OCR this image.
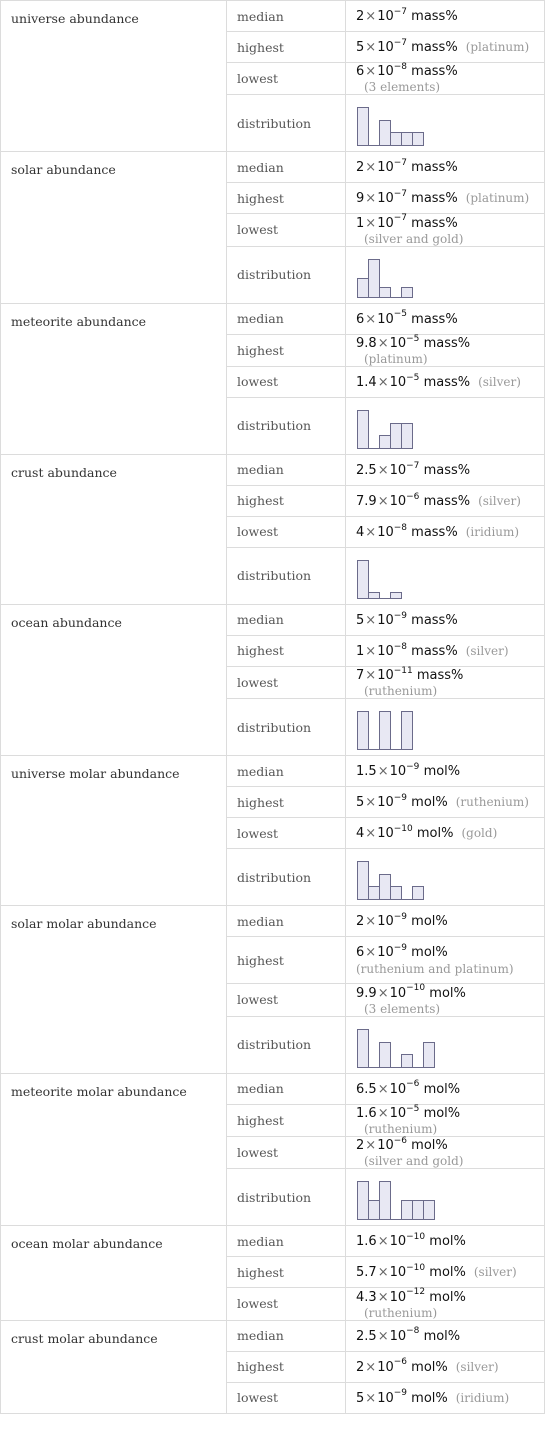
universe abundance	median	$2\times 10^{-7}$ mass%
	highest	$5\times 10^{-7}$ mass% (platinum)
	lowest	$6\times 10^{-8}$ mass%(3 elements)
	distribution	
solar abundance	median	$2\times 10^{-7}$ mass%
	highest	$9\times 10^{-7}$ mass% (platinum)
	lowest	$1\times 10^{-7}$ mass%(silver and gold)
	distribution	
meteorite abundance	median	$6\times 10^{-5}$ mass%
	highest	$9.8\times 10^{-5}$ mass%(platinum)
	lowest	$1.4\times 10^{-5}$ mass% (silver)
	distribution	
crust abundance	median	$2.5\times 10^{-7}$ mass%
	highest	$7.9\times 10^{-6}$ mass% (silver)
	lowest	$4\times 10^{-8}$ mass% (iridium)
	distribution	
ocean abundance	median	$5\times 10^{-9}$ mass%
	highest	$1\times 10^{-8}$ mass% (silver)
	lowest	$7\times 10^{-11}$ mass%(ruthenium)
	distribution	
universe molar abundance	median	$1.5\times 10^{-9}$ mol%
	highest	$5\times 10^{-9}$ mol% (ruthenium)
	lowest	$4\times 10^{-10}$ mol% (gold)
	distribution	
solar molar abundance	median	$2\times 10^{-9}$ mol%
	highest	$6\times 10^{-9}$ mol%
(ruthenium and platinum)

	lowest	$9.9\times 10^{-10}$ mol%(3 elements)
	distribution	
meteorite molar abundance	median	$6.5\times 10^{-6}$ mol%
	highest	$1.6\times 10^{-5}$ mol%(ruthenium)
	lowest	$2\times 10^{-6}$ mol%(silver and gold)
	distribution	
ocean molar abundance	median	$1.6\times 10^{-10}$ mol%
	highest	$5.7\times 10^{-10}$ mol% (silver)
	lowest	$4.3\times 10^{-12}$ mol%(ruthenium)
crust molar abundance	median	$2.5\times 10^{-8}$ mol%
	highest	$2\times 10^{-6}$ mol% (silver)
	lowest	$5\times 10^{-9}$ mol% (iridium)
